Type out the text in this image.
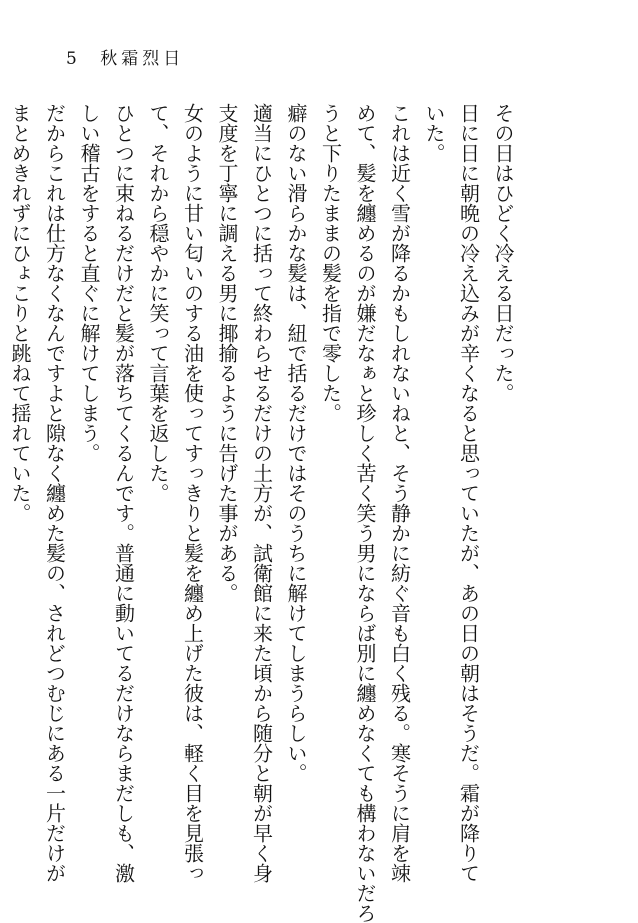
5 秋霜烈日
その日はひどく冷える日だった。
日に日に朝晩の冷え込みが辛くなると思っていたが、あの日の朝はそうだ。霜が降りて
いた。
これは近く雪が降るかもしれないねと、そう静かに紡ぐ音も白く残る。寒そうに肩を竦
めて、髪を纏めるのが嫌だなぁと珍しく苦く笑う男にならば別に纏めなくても構わないだろ
うと下りたままの髪を指で零した。
癖のない滑らかな髪は、紐で括るだけではそのうちに解けてしまうらしい。
適当にひとつに括って終わらせるだけの土方が、試衛館に来た頃から随分と朝が早く身
支度を丁寧に調える男に揶揄るように告げた事がある。
女のように甘い匂いのする油を使ってすっきりと髪を纏め上げた彼は、軽く目を見張っ
て、それから穏やかに笑って言葉を返した。
ひとつに束ねるだけだと髪が落ちてくるんです。普通に動いてるだけならまだしも、激
しい稽古をすると直ぐに解けてしまう。
だからこれは仕方なくなんですよと隙なく纏めた髪の、されどつむじにある一片だけが
まとめきれずにひょこりと跳ねて揺れていた。
